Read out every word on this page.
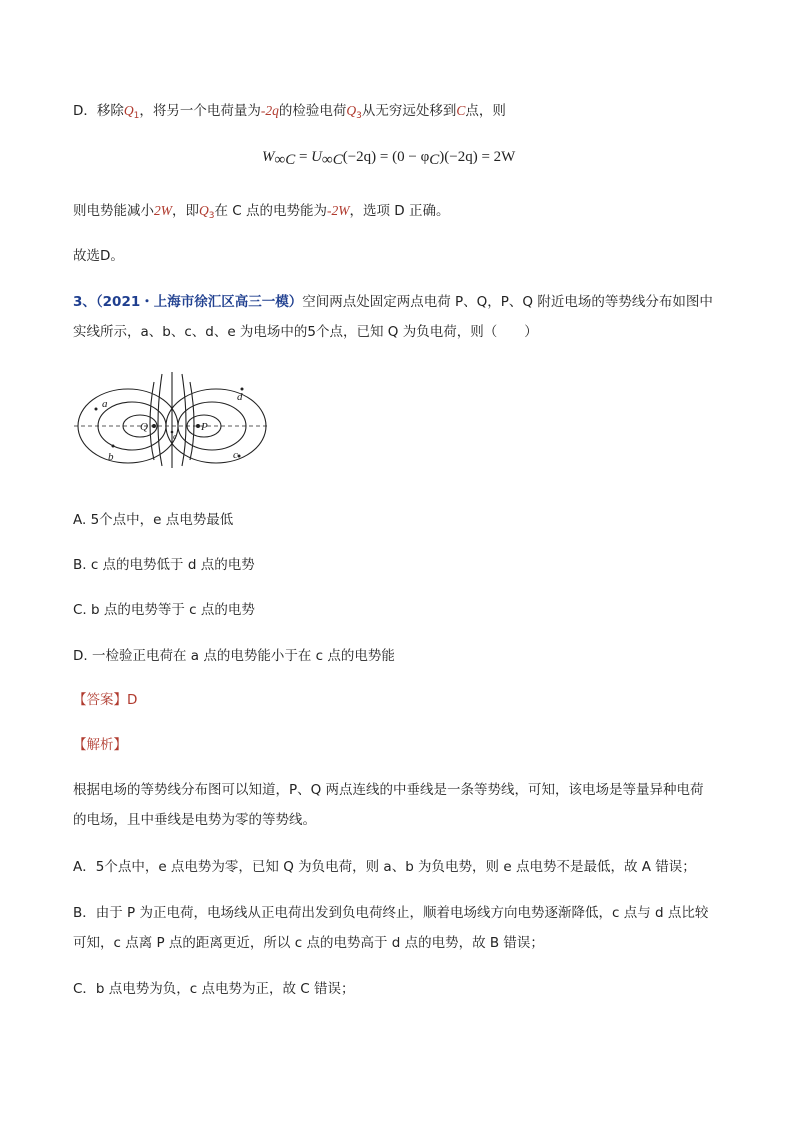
D．移除$Q_1$，将另一个电荷量为-2q的检验电荷$Q_3$从无穷远处移到C点，则
$W_{\infty C} = U_{\infty C}(-2q) = (0 - \varphi_C)(-2q) = 2W$
则电势能减小2W，即$Q_3$在 C 点的电势能为-2W，选项 D 正确。
故选D。
3、（2021・上海市徐汇区高三一模）空间两点处固定两点电荷 P、Q，P、Q 附近电场的等势线分布如图中
实线所示，a、b、c、d、e 为电场中的5个点，已知 Q 为负电荷，则（　　）
a
b	c
d
e
Q	P
A. 5个点中，e 点电势最低
B. c 点的电势低于 d 点的电势
C. b 点的电势等于 c 点的电势
D. 一检验正电荷在 a 点的电势能小于在 c 点的电势能
【答案】D
【解析】
根据电场的等势线分布图可以知道，P、Q 两点连线的中垂线是一条等势线，可知，该电场是等量异种电荷
的电场，且中垂线是电势为零的等势线。
A．5个点中，e 点电势为零，已知 Q 为负电荷，则 a、b 为负电势，则 e 点电势不是最低，故 A 错误；
B．由于 P 为正电荷，电场线从正电荷出发到负电荷终止，顺着电场线方向电势逐渐降低，c 点与 d 点比较
可知，c 点离 P 点的距离更近，所以 c 点的电势高于 d 点的电势，故 B 错误；
C．b 点电势为负，c 点电势为正，故 C 错误；
